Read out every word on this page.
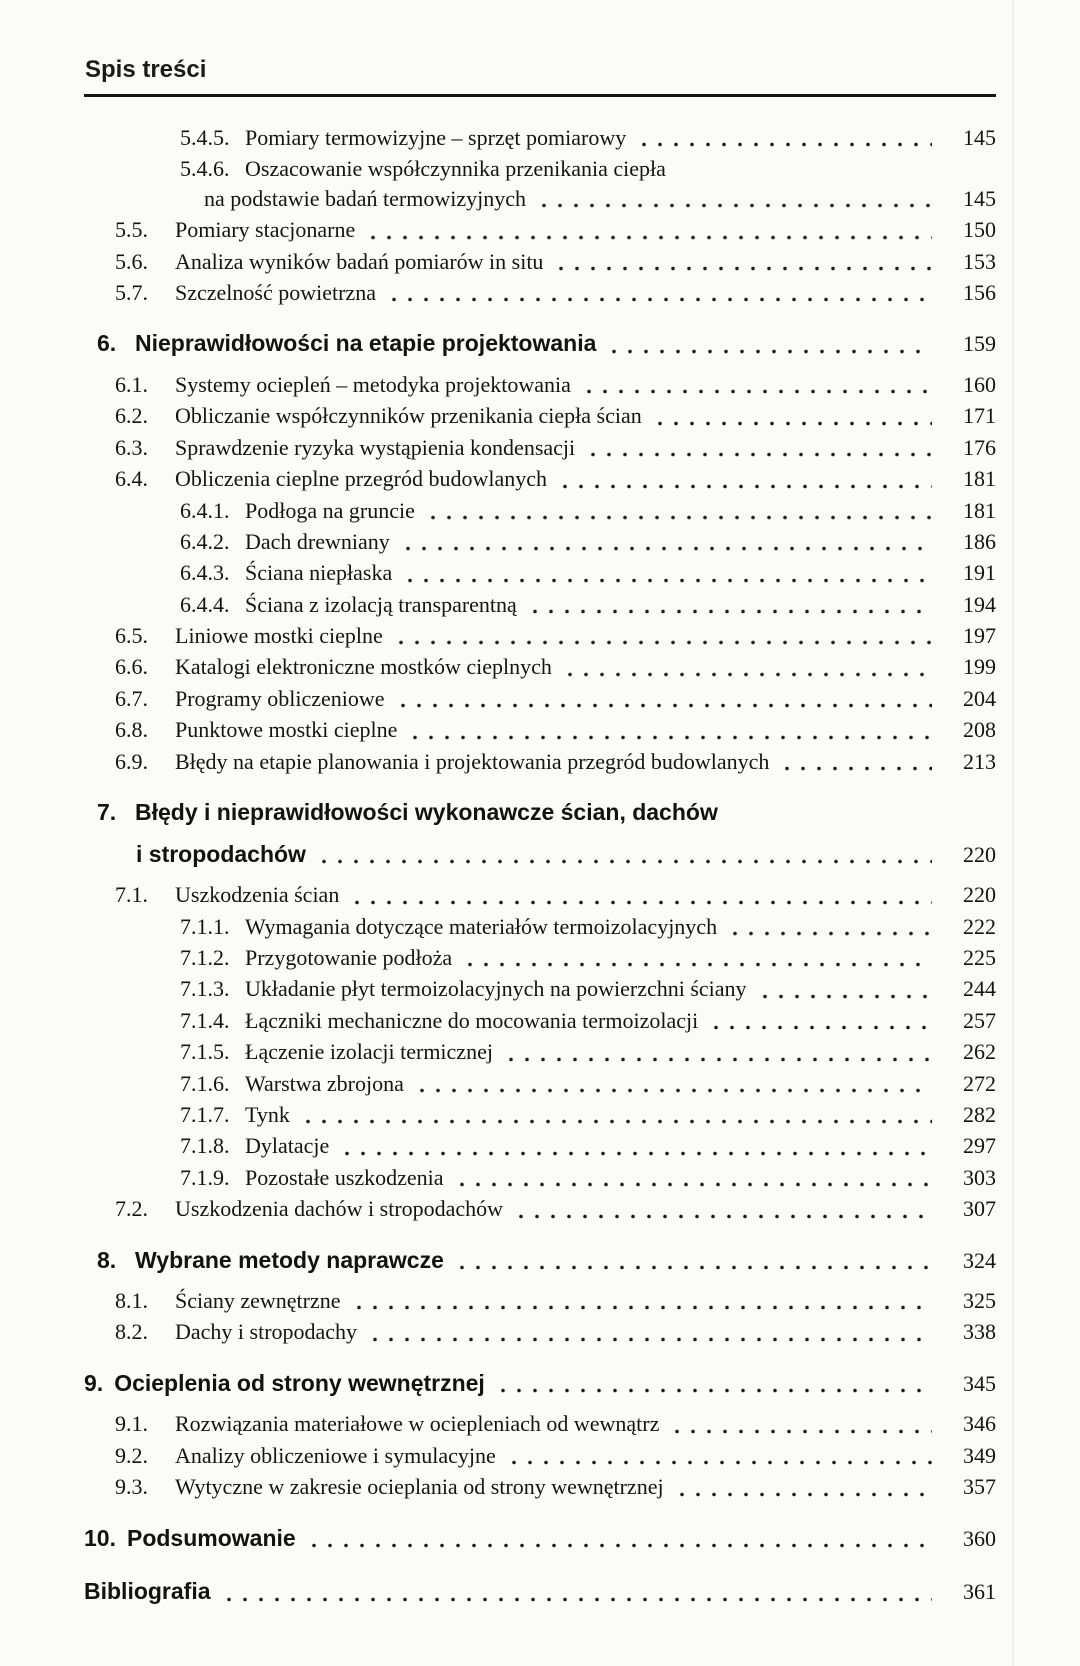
Spis treści
5.4.5. Pomiary termowizyjne – sprzęt pomiarowy	145
5.4.6. Oszacowanie współczynnika przenikania ciepła
na podstawie badań termowizyjnych	145
5.5.	Pomiary stacjonarne	150
5.6.	Analiza wyników badań pomiarów in situ	153
5.7.	Szczelność powietrzna	156
6. Nieprawidłowości na etapie projektowania	159
6.1.	Systemy ociepleń – metodyka projektowania	160
6.2.	Obliczanie współczynników przenikania ciepła ścian	171
6.3.	Sprawdzenie ryzyka wystąpienia kondensacji	176
6.4.	Obliczenia cieplne przegród budowlanych	181
6.4.1. Podłoga na gruncie	181
6.4.2. Dach drewniany	186
6.4.3. Ściana niepłaska	191
6.4.4. Ściana z izolacją transparentną	194
6.5.	Liniowe mostki cieplne	197
6.6.	Katalogi elektroniczne mostków cieplnych	199
6.7.	Programy obliczeniowe	204
6.8.	Punktowe mostki cieplne	208
6.9.	Błędy na etapie planowania i projektowania przegród budowlanych	213
7. Błędy i nieprawidłowości wykonawcze ścian, dachów
i stropodachów	220
7.1.	Uszkodzenia ścian	220
7.1.1. Wymagania dotyczące materiałów termoizolacyjnych	222
7.1.2. Przygotowanie podłoża	225
7.1.3. Układanie płyt termoizolacyjnych na powierzchni ściany	244
7.1.4. Łączniki mechaniczne do mocowania termoizolacji	257
7.1.5. Łączenie izolacji termicznej	262
7.1.6. Warstwa zbrojona	272
7.1.7. Tynk	282
7.1.8. Dylatacje	297
7.1.9. Pozostałe uszkodzenia	303
7.2.	Uszkodzenia dachów i stropodachów	307
8. Wybrane metody naprawcze	324
8.1.	Ściany zewnętrzne	325
8.2.	Dachy i stropodachy	338
9. Ocieplenia od strony wewnętrznej	345
9.1.	Rozwiązania materiałowe w ociepleniach od wewnątrz	346
9.2.	Analizy obliczeniowe i symulacyjne	349
9.3.	Wytyczne w zakresie ocieplania od strony wewnętrznej	357
10. Podsumowanie	360
Bibliografia	361
